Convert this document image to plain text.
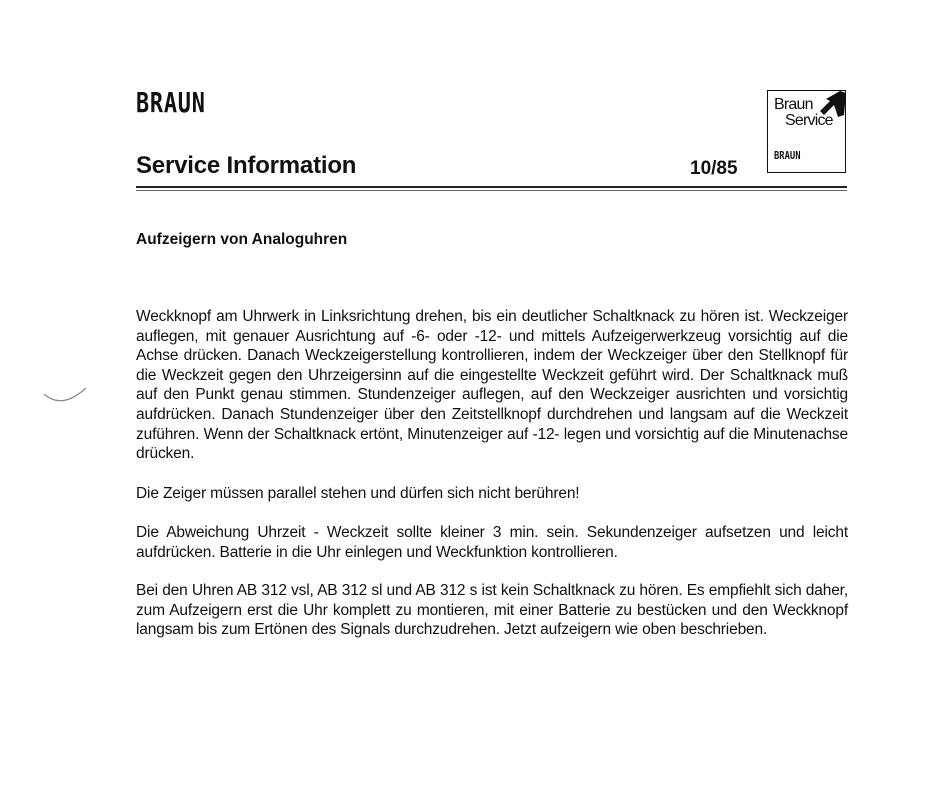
BRAUN
Service Information	10/85
Braun
Service
BRAUN
Aufzeigern von Analoguhren

Weckknopf am Uhrwerk in Linksrichtung drehen, bis ein deutlicher Schaltknack zu hören ist. Weckzeiger auflegen, mit genauer Ausrichtung auf -6- oder -12- und mittels Aufzeigerwerkzeug vorsichtig auf die Achse drücken. Danach Weckzeigerstellung kontrollieren, indem der Weckzeiger über den Stellknopf für die Weckzeit gegen den Uhrzeigersinn auf die eingestellte Weckzeit geführt wird. Der Schaltknack muß auf den Punkt genau stimmen. Stundenzeiger auflegen, auf den Weckzeiger ausrichten und vorsichtig aufdrücken. Danach Stundenzeiger über den Zeitstellknopf durchdrehen und langsam auf die Weckzeit zuführen. Wenn der Schaltknack ertönt, Minutenzeiger auf -12- legen und vorsichtig auf die Minutenachse drücken.

Die Zeiger müssen parallel stehen und dürfen sich nicht berühren!

Die Abweichung Uhrzeit - Weckzeit sollte kleiner 3 min. sein. Sekundenzeiger aufsetzen und leicht aufdrücken. Batterie in die Uhr einlegen und Weckfunktion kontrollieren.

Bei den Uhren AB 312 vsl, AB 312 sl und AB 312 s ist kein Schaltknack zu hören. Es empfiehlt sich daher, zum Aufzeigern erst die Uhr komplett zu montieren, mit einer Batterie zu bestücken und den Weckknopf langsam bis zum Ertönen des Signals durchzudrehen. Jetzt aufzeigern wie oben beschrieben.
